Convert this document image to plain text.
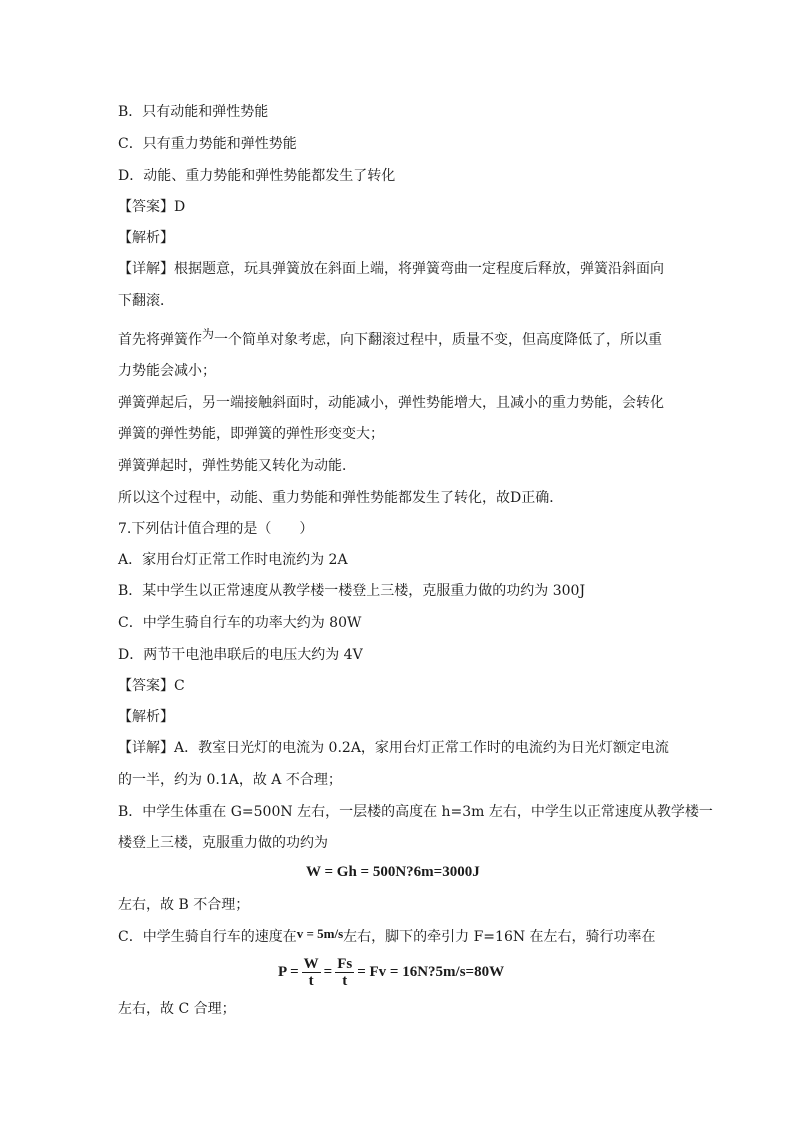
B．只有动能和弹性势能
C．只有重力势能和弹性势能
D．动能、重力势能和弹性势能都发生了转化
【答案】D
【解析】
【详解】根据题意，玩具弹簧放在斜面上端，将弹簧弯曲一定程度后释放，弹簧沿斜面向
下翻滚．
首先将弹簧作为一个简单对象考虑，向下翻滚过程中，质量不变，但高度降低了，所以重
力势能会减小；
弹簧弹起后，另一端接触斜面时，动能减小，弹性势能增大，且减小的重力势能，会转化
弹簧的弹性势能，即弹簧的弹性形变变大；
弹簧弹起时，弹性势能又转化为动能．
所以这个过程中，动能、重力势能和弹性势能都发生了转化，故D正确．
7.下列估计值合理的是（　　）
A．家用台灯正常工作时电流约为 2A
B．某中学生以正常速度从教学楼一楼登上三楼，克服重力做的功约为 300J
C．中学生骑自行车的功率大约为 80W
D．两节干电池串联后的电压大约为 4V
【答案】C
【解析】
【详解】A．教室日光灯的电流为 0.2A，家用台灯正常工作时的电流约为日光灯额定电流
的一半，约为 0.1A，故 A 不合理；
B．中学生体重在 G=500N 左右，一层楼的高度在 h=3m 左右，中学生以正常速度从教学楼一
楼登上三楼，克服重力做的功约为
W = Gh = 500N?6m=3000J
左右，故 B 不合理；
C．中学生骑自行车的速度在v = 5m/s左右，脚下的牵引力 F=16N 在左右，骑行功率在
$P = \frac{W}{t} = \frac{Fs}{t} = Fv$ = 16N?5m/s=80W
左右，故 C 合理；
